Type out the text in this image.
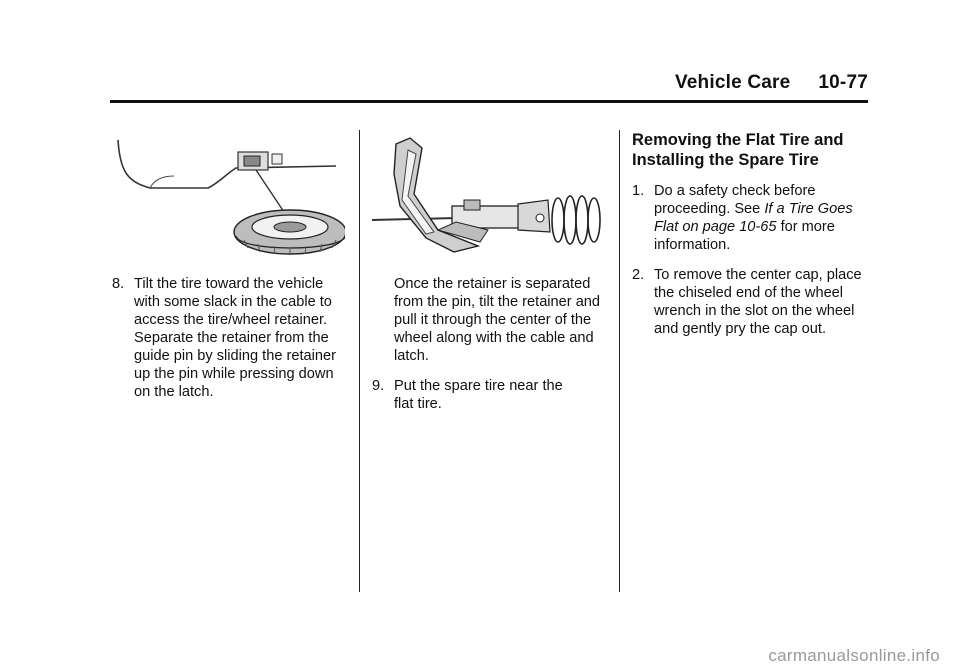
Vehicle Care 10-77
8. Tilt the tire toward the vehicle
with some slack in the cable to
access the tire/wheel retainer.
Separate the retainer from the
guide pin by sliding the retainer
up the pin while pressing down
on the latch.
Once the retainer is separated
from the pin, tilt the retainer and
pull it through the center of the
wheel along with the cable and
latch.
9. Put the spare tire near the
flat tire.
Removing the Flat Tire and
Installing the Spare Tire
1. Do a safety check before
proceeding. See If a Tire Goes
Flat on page 10-65 for more
information.
2. To remove the center cap, place
the chiseled end of the wheel
wrench in the slot on the wheel
and gently pry the cap out.
carmanualsonline.info
